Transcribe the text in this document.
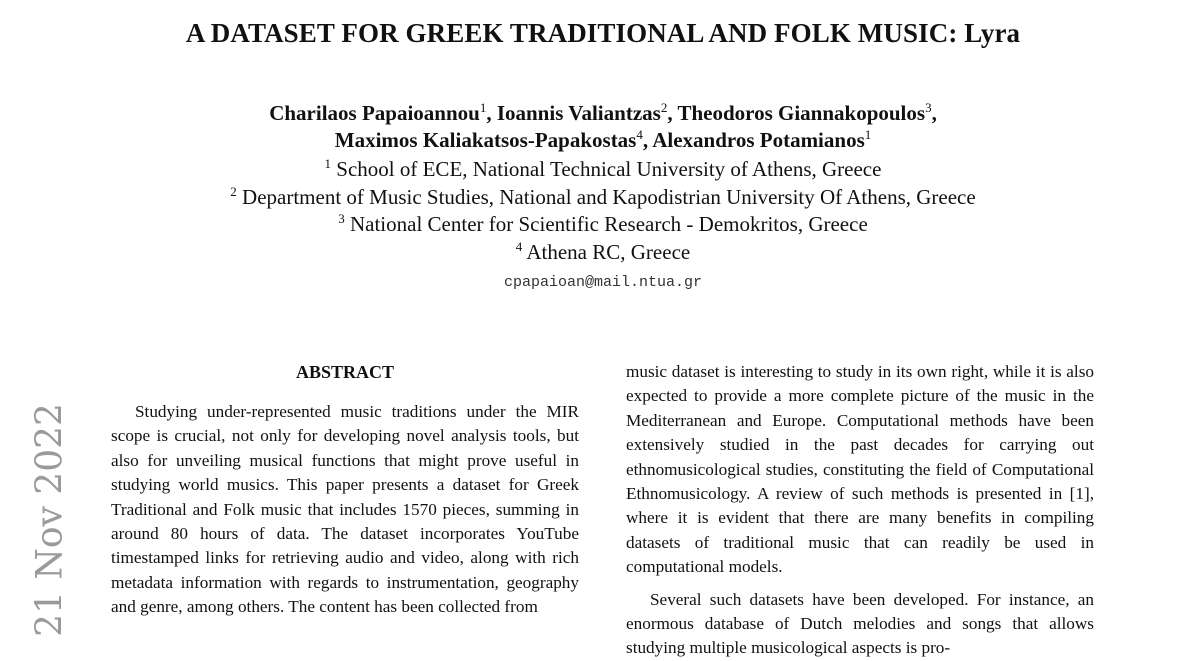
A DATASET FOR GREEK TRADITIONAL AND FOLK MUSIC: Lyra
Charilaos Papaioannou$^1$, Ioannis Valiantzas$^2$, Theodoros Giannakopoulos$^3$,
Maximos Kaliakatsos-Papakostas$^4$, Alexandros Potamianos$^1$
$^1$ School of ECE, National Technical University of Athens, Greece
$^2$ Department of Music Studies, National and Kapodistrian University Of Athens, Greece
$^3$ National Center for Scientific Research - Demokritos, Greece
$^4$ Athena RC, Greece
cpapaioan@mail.ntua.gr
21 Nov 2022
ABSTRACT

Studying under-represented music traditions under the MIR scope is crucial, not only for developing novel analysis tools, but also for unveiling musical functions that might prove useful in studying world musics. This paper presents a dataset for Greek Traditional and Folk music that includes 1570 pieces, summing in around 80 hours of data. The dataset incorporates YouTube timestamped links for retrieving audio and video, along with rich metadata information with regards to instrumentation, geography and genre, among others. The content has been collected from

music dataset is interesting to study in its own right, while it is also expected to provide a more complete picture of the music in the Mediterranean and Europe. Computational methods have been extensively studied in the past decades for carrying out ethnomusicological studies, constituting the field of Computational Ethnomusicology. A review of such methods is presented in [1], where it is evident that there are many benefits in compiling datasets of traditional music that can readily be used in computational models.

Several such datasets have been developed. For instance, an enormous database of Dutch melodies and songs that allows studying multiple musicological aspects is pro-
